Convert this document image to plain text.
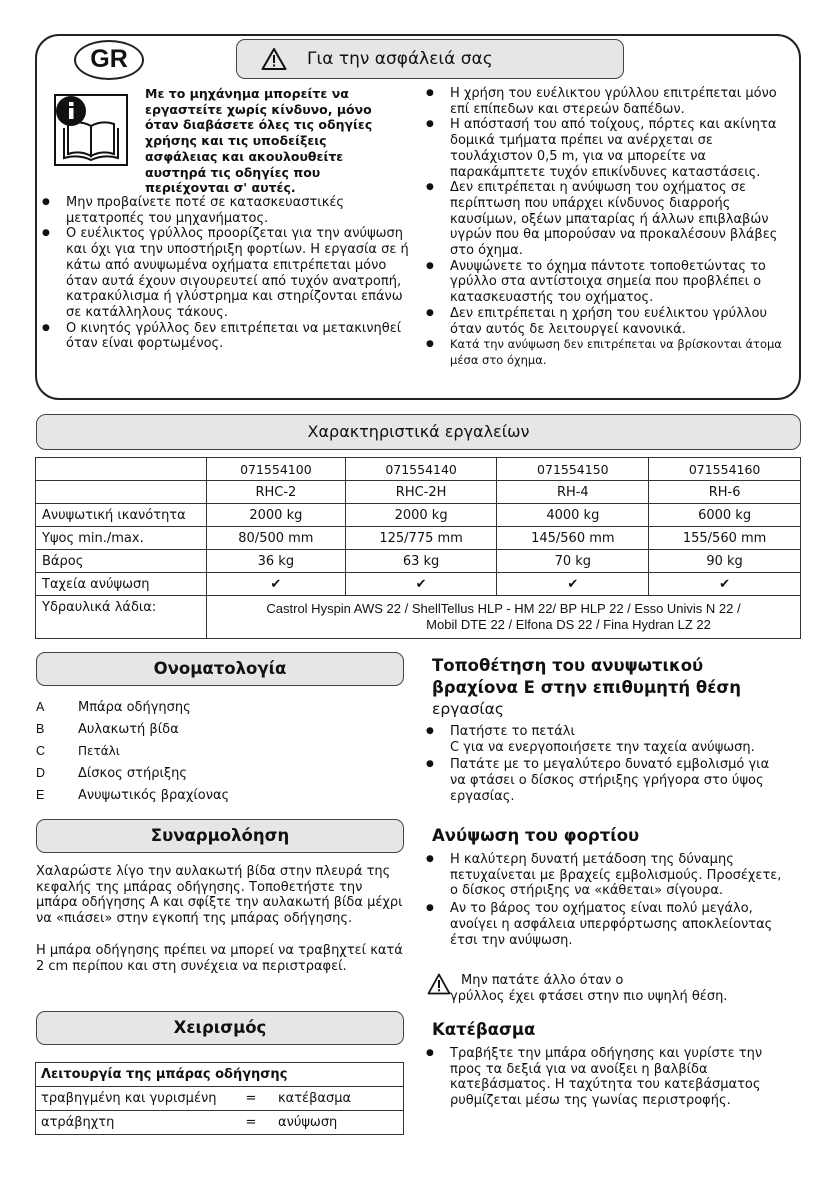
GR	Για την ασφάλειά σας
Με το μηχάνημα μπορείτε να εργαστείτε χωρίς κίνδυνο, μόνο όταν διαβάσετε όλες τις οδηγίες χρήσης και τις υποδείξεις ασφάλειας και ακουλουθείτε αυστηρά τις οδηγίες που περιέχονται σ' αυτές.
● Μην προβαίνετε ποτέ σε κατασκευαστικές μετατροπές του μηχανήματος.
● Ο ευέλικτος γρύλλος προορίζεται για την ανύψωση και όχι για την υποστήριξη φορτίων. Η εργασία σε ή κάτω από ανυψωμένα οχήματα επιτρέπεται μόνο όταν αυτά έχουν σιγουρευτεί από τυχόν ανατροπή, κατρακύλισμα ή γλύστρημα και στηρίζονται επάνω σε κατάλληλους τάκους.
● Ο κινητός γρύλλος δεν επιτρέπεται να μετακινηθεί όταν είναι φορτωμένος.
● Η χρήση του ευέλικτου γρύλλου επιτρέπεται μόνο επί επίπεδων και στερεών δαπέδων.
● Η απόστασή του από τοίχους, πόρτες και ακίνητα δομικά τμήματα πρέπει να ανέρχεται σε τουλάχιστον 0,5 m, για να μπορείτε να παρακάμπτετε τυχόν επικίνδυνες καταστάσεις.
● Δεν επιτρέπεται η ανύψωση του οχήματος σε περίπτωση που υπάρχει κίνδυνος διαρροής καυσίμων, οξέων μπαταρίας ή άλλων επιβλαβών υγρών που θα μπορούσαν να προκαλέσουν βλάβες στο όχημα.
● Ανυψώνετε το όχημα πάντοτε τοποθετώντας το γρύλλο στα αντίστοιχα σημεία που προβλέπει ο κατασκευαστής του οχήματος.
● Δεν επιτρέπεται η χρήση του ευέλικτου γρύλλου όταν αυτός δε λειτουργεί κανονικά.
● Κατά την ανύψωση δεν επιτρέπεται να βρίσκονται άτομα μέσα στο όχημα.
Χαρακτηριστικά εργαλείων
	071554100	071554140	071554150	071554160
	RHC-2	RHC-2H	RH-4	RH-6
Ανυψωτική ικανότητα	2000 kg	2000 kg	4000 kg	6000 kg
Υψος min./max.	80/500 mm	125/775 mm	145/560 mm	155/560 mm
Βάρος	36 kg	63 kg	70 kg	90 kg
Ταχεία ανύψωση	✔	✔	✔	✔
Υδραυλικά λάδια:	Castrol Hyspin AWS 22 / ShellTellus HLP - HM 22/ BP HLP 22 / Esso Univis N 22 /
Mobil DTE 22 / Elfona DS 22 / Fina Hydran LZ 22			
Ονοματολογία
A	Μπάρα οδήγησης
B	Αυλακωτή βίδα
C	Πετάλι
D	Δίσκος στήριξης
E	Ανυψωτικός βραχίονας
Συναρμολόηση
Χαλαρώστε λίγο την αυλακωτή βίδα στην πλευρά της κεφαλής της μπάρας οδήγησης. Τοποθετήστε την μπάρα οδήγησης A και σφίξτε την αυλακωτή βίδα μέχρι να «πιάσει» στην εγκοπή της μπάρας οδήγησης.
Η μπάρα οδήγησης πρέπει να μπορεί να τραβηχτεί κατά 2 cm περίπου και στη συνέχεια να περιστραφεί.
Χειρισμός
Λειτουργία της μπάρας οδήγησης		
τραβηγμένη και γυρισμένη	=	κατέβασμα
ατράβηχτη	=	ανύψωση
Τοποθέτηση του ανυψωτικού
βραχίονα E στην επιθυμητή θέση
εργασίας
● Πατήστε το πετάλι
C για να ενεργοποιήσετε την ταχεία ανύψωση.
● Πατάτε με το μεγαλύτερο δυνατό εμβολισμό για να φτάσει ο δίσκος στήριξης γρήγορα στο ύψος εργασίας.
Ανύψωση του φορτίου
● Η καλύτερη δυνατή μετάδοση της δύναμης πετυχαίνεται με βραχείς εμβολισμούς. Προσέχετε, ο δίσκος στήριξης να «κάθεται» σίγουρα.
● Αν το βάρος του οχήματος είναι πολύ μεγάλο, ανοίγει η ασφάλεια υπερφόρτωσης αποκλείοντας έτσι την ανύψωση.
Μην πατάτε άλλο όταν ο
γρύλλος έχει φτάσει στην πιο υψηλή θέση.
Κατέβασμα
● Τραβήξτε την μπάρα οδήγησης και γυρίστε την προς τα δεξιά για να ανοίξει η βαλβίδα κατεβάσματος. Η ταχύτητα του κατεβάσματος ρυθμίζεται μέσω της γωνίας περιστροφής.
